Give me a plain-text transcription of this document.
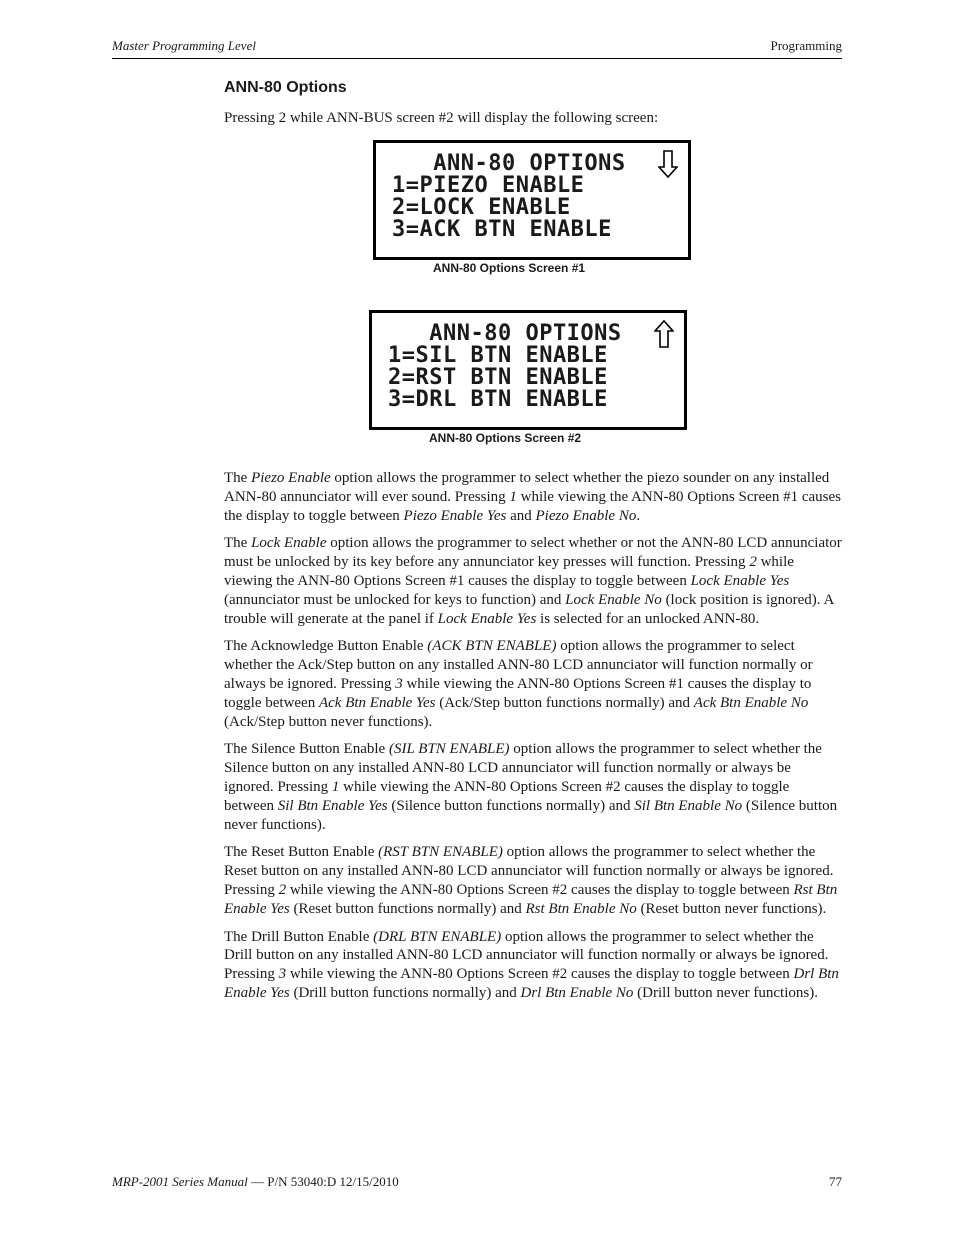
Master Programming Level	Programming
ANN-80 Options

Pressing 2 while ANN-BUS screen #2 will display the following screen:

ANN-80 OPTIONS
1=PIEZO ENABLE
2=LOCK ENABLE
3=ACK BTN ENABLE

ANN-80 Options Screen #1

ANN-80 OPTIONS
1=SIL BTN ENABLE
2=RST BTN ENABLE
3=DRL BTN ENABLE

ANN-80 Options Screen #2

The Piezo Enable option allows the programmer to select whether the piezo sounder on any installed ANN-80 annunciator will ever sound. Pressing 1 while viewing the ANN-80 Options Screen #1 causes the display to toggle between Piezo Enable Yes and Piezo Enable No.

The Lock Enable option allows the programmer to select whether or not the ANN-80 LCD annunciator must be unlocked by its key before any annunciator key presses will function. Pressing 2 while viewing the ANN-80 Options Screen #1 causes the display to toggle between Lock Enable Yes (annunciator must be unlocked for keys to function) and Lock Enable No (lock position is ignored). A trouble will generate at the panel if Lock Enable Yes is selected for an unlocked ANN-80.

The Acknowledge Button Enable (ACK BTN ENABLE) option allows the programmer to select whether the Ack/Step button on any installed ANN-80 LCD annunciator will function normally or always be ignored. Pressing 3 while viewing the ANN-80 Options Screen #1 causes the display to toggle between Ack Btn Enable Yes (Ack/Step button functions normally) and Ack Btn Enable No (Ack/Step button never functions).

The Silence Button Enable (SIL BTN ENABLE) option allows the programmer to select whether the Silence button on any installed ANN-80 LCD annunciator will function normally or always be ignored. Pressing 1 while viewing the ANN-80 Options Screen #2 causes the display to toggle between Sil Btn Enable Yes (Silence button functions normally) and Sil Btn Enable No (Silence button never functions).

The Reset Button Enable (RST BTN ENABLE) option allows the programmer to select whether the Reset button on any installed ANN-80 LCD annunciator will function normally or always be ignored. Pressing 2 while viewing the ANN-80 Options Screen #2 causes the display to toggle between Rst Btn Enable Yes (Reset button functions normally) and Rst Btn Enable No (Reset button never functions).

The Drill Button Enable (DRL BTN ENABLE) option allows the programmer to select whether the Drill button on any installed ANN-80 LCD annunciator will function normally or always be ignored. Pressing 3 while viewing the ANN-80 Options Screen #2 causes the display to toggle between Drl Btn Enable Yes (Drill button functions normally) and Drl Btn Enable No (Drill button never functions).

MRP-2001 Series Manual — P/N 53040:D 12/15/2010	77
